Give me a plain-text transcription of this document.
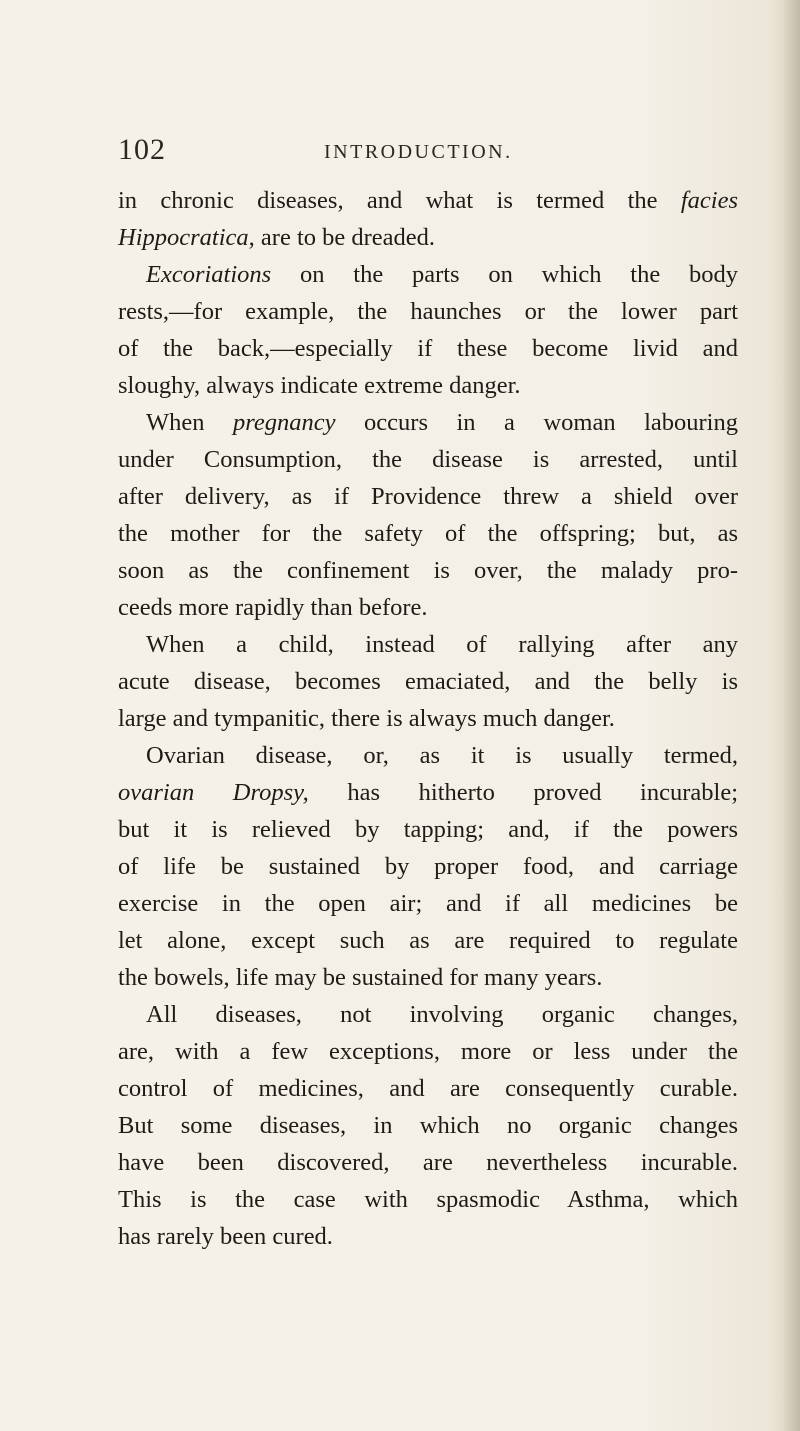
102	INTRODUCTION.
in chronic diseases, and what is termed the facies
Hippocratica, are to be dreaded.
Excoriations on the parts on which the body
rests,—for example, the haunches or the lower part
of the back,—especially if these become livid and
sloughy, always indicate extreme danger.
When pregnancy occurs in a woman labouring
under Consumption, the disease is arrested, until
after delivery, as if Providence threw a shield over
the mother for the safety of the offspring; but, as
soon as the confinement is over, the malady pro-
ceeds more rapidly than before.
When a child, instead of rallying after any
acute disease, becomes emaciated, and the belly is
large and tympanitic, there is always much danger.
Ovarian disease, or, as it is usually termed,
ovarian Dropsy, has hitherto proved incurable;
but it is relieved by tapping; and, if the powers
of life be sustained by proper food, and carriage
exercise in the open air; and if all medicines be
let alone, except such as are required to regulate
the bowels, life may be sustained for many years.
All diseases, not involving organic changes,
are, with a few exceptions, more or less under the
control of medicines, and are consequently curable.
But some diseases, in which no organic changes
have been discovered, are nevertheless incurable.
This is the case with spasmodic Asthma, which
has rarely been cured.
